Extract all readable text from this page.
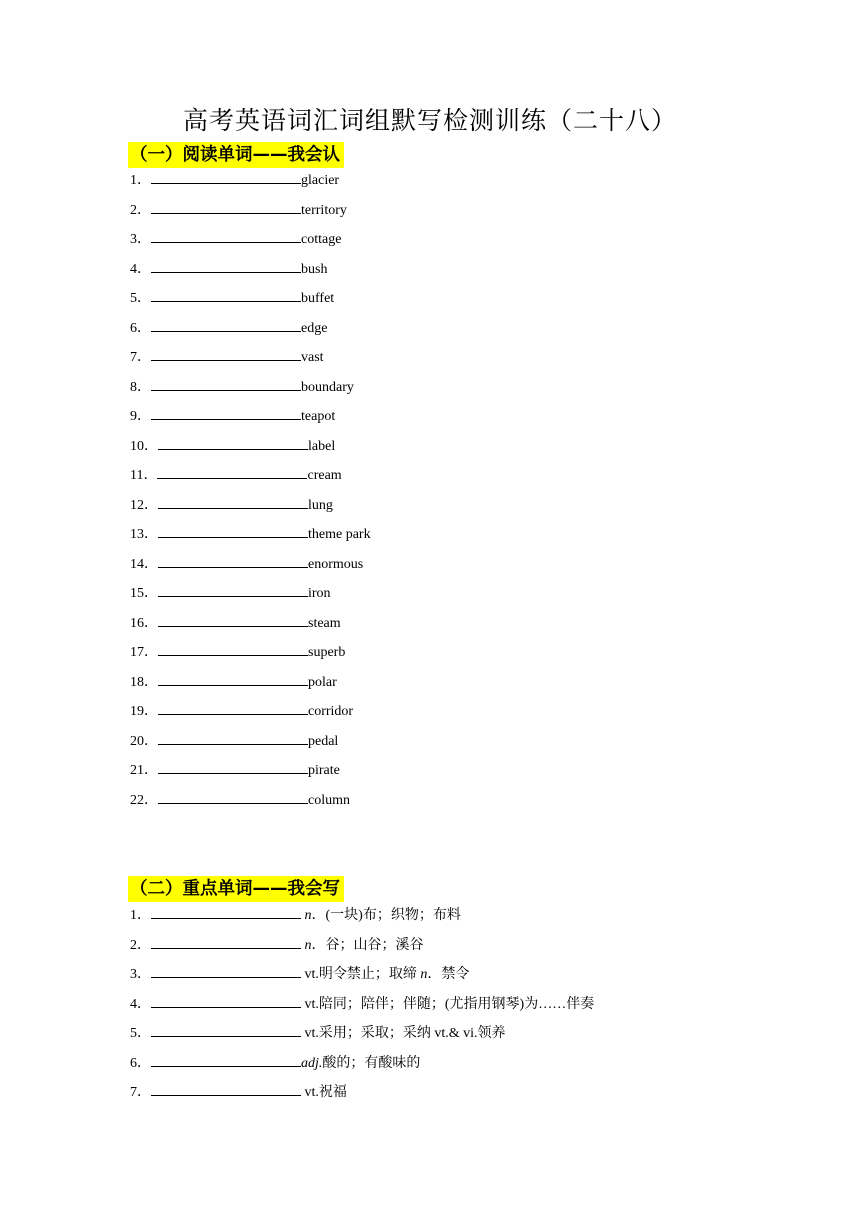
高考英语词汇词组默写检测训练（二十八）
（一）阅读单词——我会认
1．	glacier
2．	territory
3．	cottage
4．	bush
5．	buffet
6．	edge
7．	vast
8．	boundary
9．	teapot
10．	label
11．	cream
12．	lung
13．	theme park
14．	enormous
15．	iron
16．	steam
17．	superb
18．	polar
19．	corridor
20．	pedal
21．	pirate
22．	column
（二）重点单词——我会写
1．	n．(一块)布；织物；布料
2．	n．谷；山谷；溪谷
3．	vt.明令禁止；取缔 n．禁令
4．	vt.陪同；陪伴；伴随；(尤指用钢琴)为……伴奏
5．	vt.采用；采取；采纳 vt.& vi.领养
6．	adj.酸的；有酸味的
7．	vt.祝福
